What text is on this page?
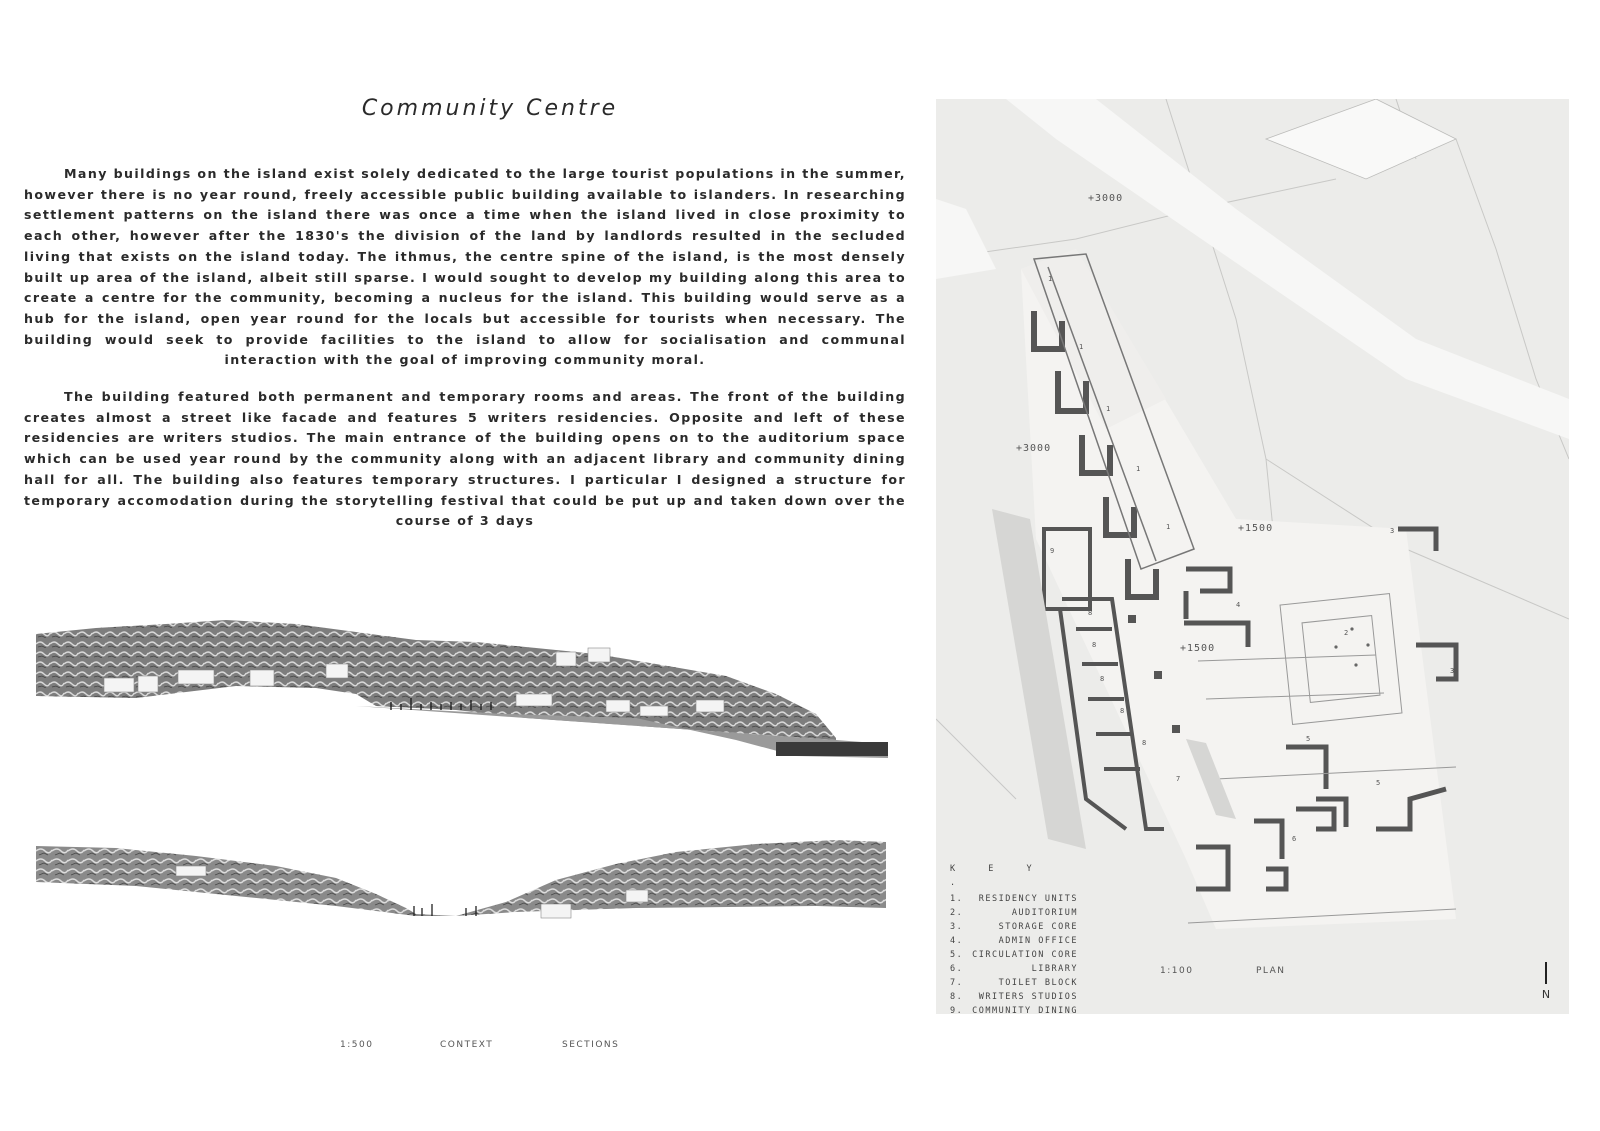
Community Centre

Many buildings on the island exist solely dedicated to the large tourist populations in the summer, however there is no year round, freely accessible public building available to islanders. In researching settlement patterns on the island there was once a time when the island lived in close proximity to each other, however after the 1830's the division of the land by landlords resulted in the secluded living that exists on the island today. The ithmus, the centre spine of the island, is the most densely built up area of the island, albeit still sparse. I would sought to develop my building along this area to create a centre for the community, becoming a nucleus for the island. This building would serve as a hub for the island, open year round for the locals but accessible for tourists when necessary. The building would seek to provide facilities to the island to allow for socialisation and communal interaction with the goal of improving community moral.

The building featured both permanent and temporary rooms and areas. The front of the building creates almost a street like facade and features 5 writers residencies. Opposite and left of these residencies are writers studios. The main entrance of the building opens on to the auditorium space which can be used year round by the community along with an adjacent library and community dining hall for all. The building also features temporary structures. I particular I designed a structure for temporary accomodation during the storytelling festival that could be put up and taken down over the course of 3 days

1:500	CONTEXT	SECTIONS
+3000
+3000
+1500
+1500
1
1
1
1
1
9
8
8
8
8
8
7
6
5
5
4
3
3
2
1:100	PLAN
K E Y .
1. RESIDENCY UNITS
2.	AUDITORIUM
3.	STORAGE CORE
4.	ADMIN OFFICE
5. CIRCULATION CORE
6.	LIBRARY
7.	TOILET BLOCK
8. WRITERS STUDIOS
9. COMMUNITY DINING
N
